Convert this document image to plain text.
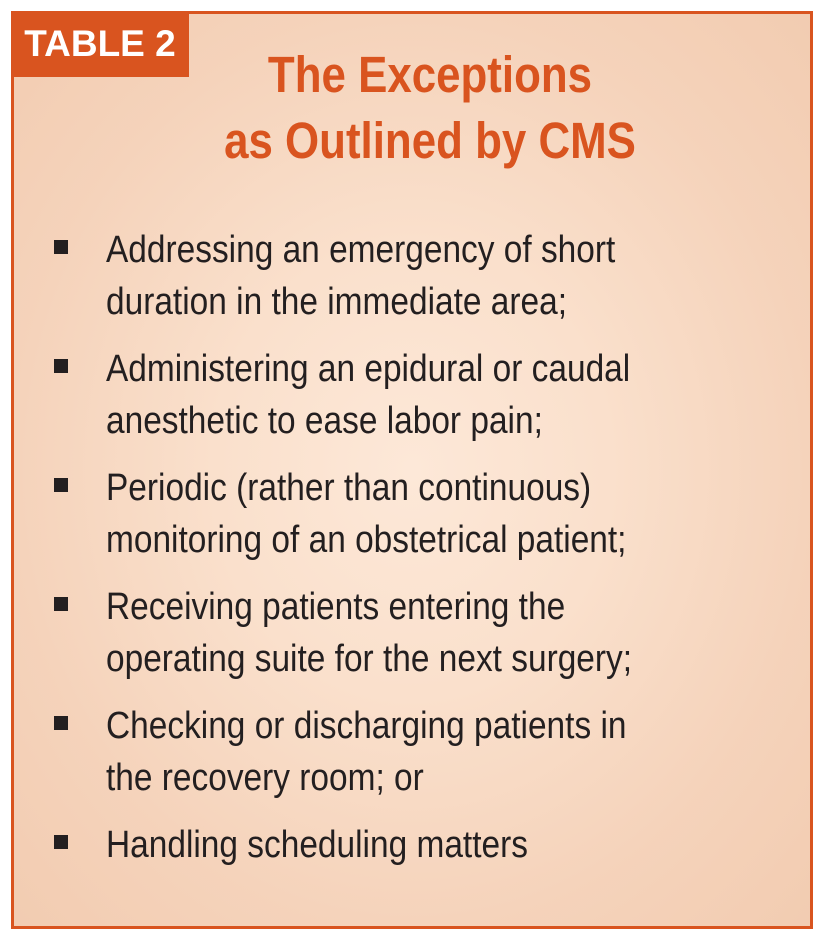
TABLE 2
The Exceptions
as Outlined by CMS
Addressing an emergency of short
duration in the immediate area;
Administering an epidural or caudal
anesthetic to ease labor pain;
Periodic (rather than continuous)
monitoring of an obstetrical patient;
Receiving patients entering the
operating suite for the next surgery;
Checking or discharging patients in
the recovery room; or
Handling scheduling matters
